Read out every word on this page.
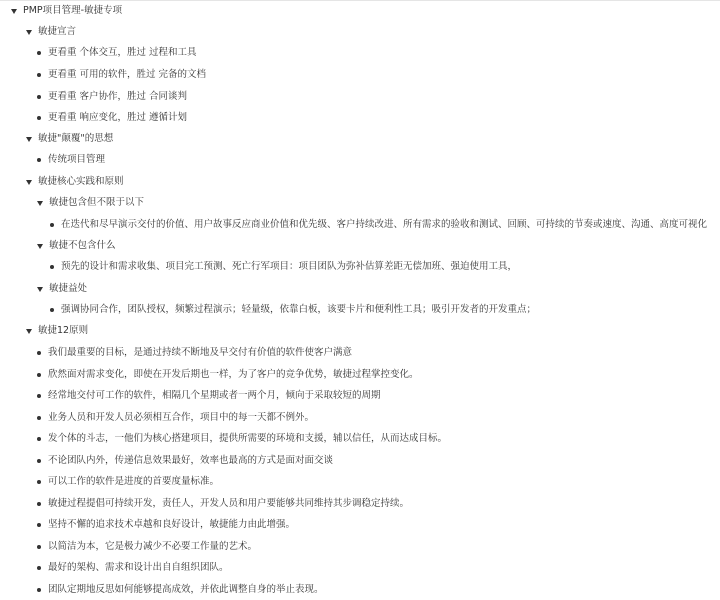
PMP项目管理-敏捷专项
敏捷宣言
更看重 个体交互，胜过 过程和工具
更看重 可用的软件，胜过 完备的文档
更看重 客户协作，胜过 合同谈判
更看重 响应变化，胜过 遵循计划
敏捷"颠覆"的思想
传统项目管理
敏捷核心实践和原则
敏捷包含但不限于以下
在迭代和尽早演示交付的价值、用户故事反应商业价值和优先级、客户持续改进、所有需求的验收和测试、回顾、可持续的节奏或速度、沟通、高度可视化
敏捷不包含什么
预先的设计和需求收集、项目完工预测、死亡行军项目：项目团队为弥补估算差距无偿加班、强迫使用工具，
敏捷益处
强调协同合作，团队授权，频繁过程演示；轻量级，依靠白板，该要卡片和便利性工具；吸引开发者的开发重点；
敏捷12原则
我们最重要的目标，是通过持续不断地及早交付有价值的软件使客户满意
欣然面对需求变化，即使在开发后期也一样，为了客户的竞争优势，敏捷过程掌控变化。
经常地交付可工作的软件，相隔几个星期或者一两个月，倾向于采取较短的周期
业务人员和开发人员必须相互合作，项目中的每一天都不例外。
发个体的斗志，一他们为核心搭建项目，提供所需要的环境和支援，辅以信任，从而达成目标。
不论团队内外，传递信息效果最好，效率也最高的方式是面对面交谈
可以工作的软件是进度的首要度量标准。
敏捷过程提倡可持续开发，责任人，开发人员和用户要能够共同维持其步调稳定持续。
坚持不懈的追求技术卓越和良好设计，敏捷能力由此增强。
以简洁为本，它是极力减少不必要工作量的艺术。
最好的架构、需求和设计出自自组织团队。
团队定期地反思如何能够提高成效，并依此调整自身的举止表现。
